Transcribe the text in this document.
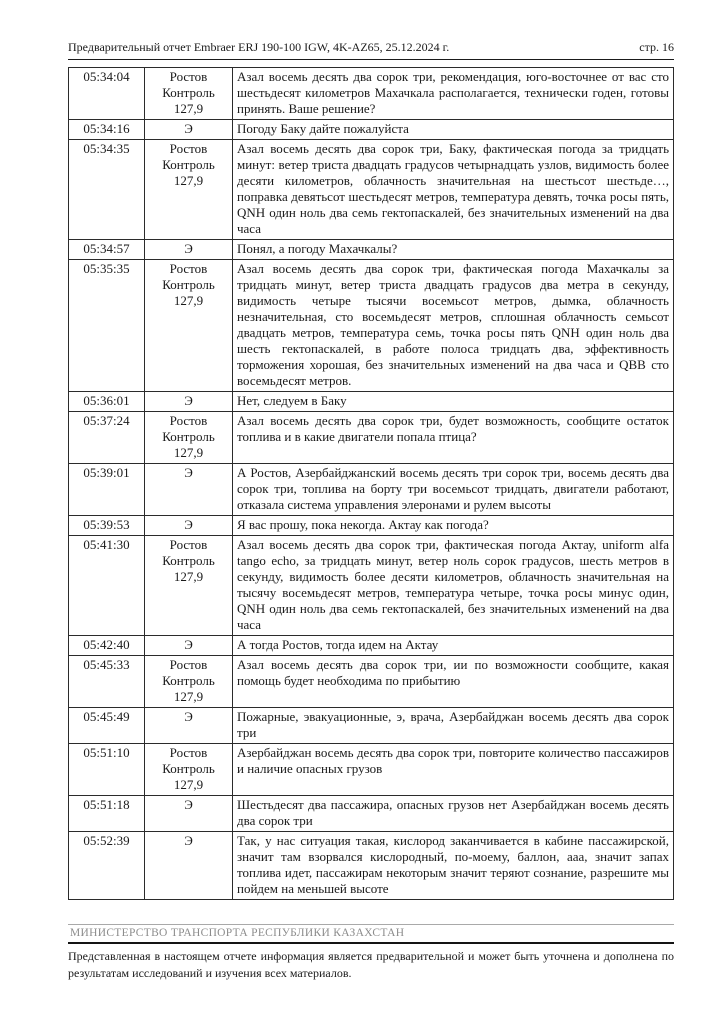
Предварительный отчет Embraer ERJ 190-100 IGW, 4K-AZ65, 25.12.2024 г.	стр. 16
05:34:04	Ростов Контроль 127,9	Азал восемь десять два сорок три, рекомендация, юго-восточнее от вас сто шестьдесят километров Махачкала располагается, технически годен, готовы принять. Ваше решение?
05:34:16	Э	Погоду Баку дайте пожалуйста
05:34:35	Ростов Контроль 127,9	Азал восемь десять два сорок три, Баку, фактическая погода за тридцать минут: ветер триста двадцать градусов четырнадцать узлов, видимость более десяти километров, облачность значительная на шестьсот шестьде…, поправка девятьсот шестьдесят метров, температура девять, точка росы пять, QNH один ноль два семь гектопаскалей, без значительных изменений на два часа
05:34:57	Э	Понял, а погоду Махачкалы?
05:35:35	Ростов Контроль 127,9	Азал восемь десять два сорок три, фактическая погода Махачкалы за тридцать минут, ветер триста двадцать градусов два метра в секунду, видимость четыре тысячи восемьсот метров, дымка, облачность незначительная, сто восемьдесят метров, сплошная облачность семьсот двадцать метров, температура семь, точка росы пять QNH один ноль два шесть гектопаскалей, в работе полоса тридцать два, эффективность торможения хорошая, без значительных изменений на два часа и QBB сто восемьдесят метров.
05:36:01	Э	Нет, следуем в Баку
05:37:24	Ростов Контроль 127,9	Азал восемь десять два сорок три, будет возможность, сообщите остаток топлива и в какие двигатели попала птица?
05:39:01	Э	А Ростов, Азербайджанский восемь десять три сорок три, восемь десять два сорок три, топлива на борту три восемьсот тридцать, двигатели работают, отказала система управления элеронами и рулем высоты
05:39:53	Э	Я вас прошу, пока некогда. Актау как погода?
05:41:30	Ростов Контроль 127,9	Азал восемь десять два сорок три, фактическая погода Актау, uniform alfa tango echo, за тридцать минут, ветер ноль сорок градусов, шесть метров в секунду, видимость более десяти километров, облачность значительная на тысячу восемьдесят метров, температура четыре, точка росы минус один, QNH один ноль два семь гектопаскалей, без значительных изменений на два часа
05:42:40	Э	А тогда Ростов, тогда идем на Актау
05:45:33	Ростов Контроль 127,9	Азал восемь десять два сорок три, ии по возможности сообщите, какая помощь будет необходима по прибытию
05:45:49	Э	Пожарные, эвакуационные, э, врача, Азербайджан восемь десять два сорок три
05:51:10	Ростов Контроль 127,9	Азербайджан восемь десять два сорок три, повторите количество пассажиров и наличие опасных грузов
05:51:18	Э	Шестьдесят два пассажира, опасных грузов нет Азербайджан восемь десять два сорок три
05:52:39	Э	Так, у нас ситуация такая, кислород заканчивается в кабине пассажирской, значит там взорвался кислородный, по-моему, баллон, ааа, значит запах топлива идет, пассажирам некоторым значит теряют сознание, разрешите мы пойдем на меньшей высоте
МИНИСТЕРСТВО ТРАНСПОРТА РЕСПУБЛИКИ КАЗАХСТАН
Представленная в настоящем отчете информация является предварительной и может быть уточнена и дополнена по результатам исследований и изучения всех материалов.
